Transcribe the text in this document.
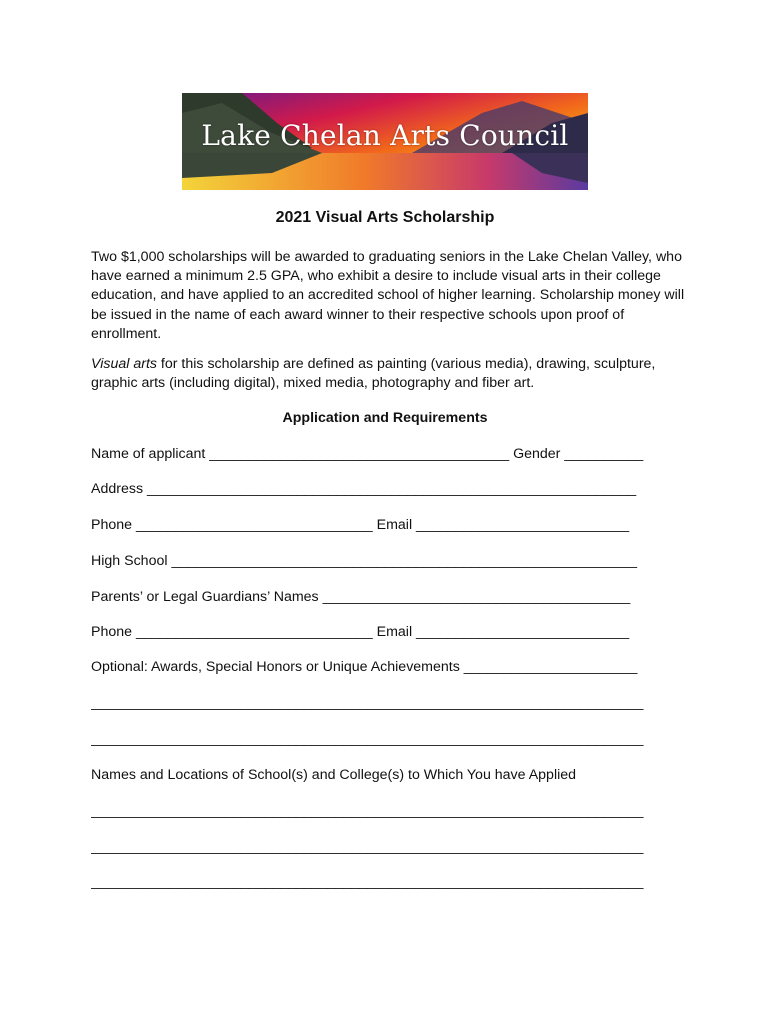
Lake Chelan Arts Council
2021 Visual Arts Scholarship
Two $1,000 scholarships will be awarded to graduating seniors in the Lake Chelan Valley, who have earned a minimum 2.5 GPA, who exhibit a desire to include visual arts in their college education, and have applied to an accredited school of higher learning. Scholarship money will be issued in the name of each award winner to their respective schools upon proof of enrollment.
Visual arts for this scholarship are defined as painting (various media), drawing, sculpture, graphic arts (including digital), mixed media, photography and fiber art.
Application and Requirements
Name of applicant ______________________________________ Gender __________
Address ______________________________________________________________
Phone ______________________________ Email ___________________________
High School ___________________________________________________________
Parents’ or Legal Guardians’ Names _______________________________________
Phone ______________________________ Email ___________________________
Optional: Awards, Special Honors or Unique Achievements ______________________
______________________________________________________________________
______________________________________________________________________
Names and Locations of School(s) and College(s) to Which You have Applied
______________________________________________________________________
______________________________________________________________________
______________________________________________________________________
